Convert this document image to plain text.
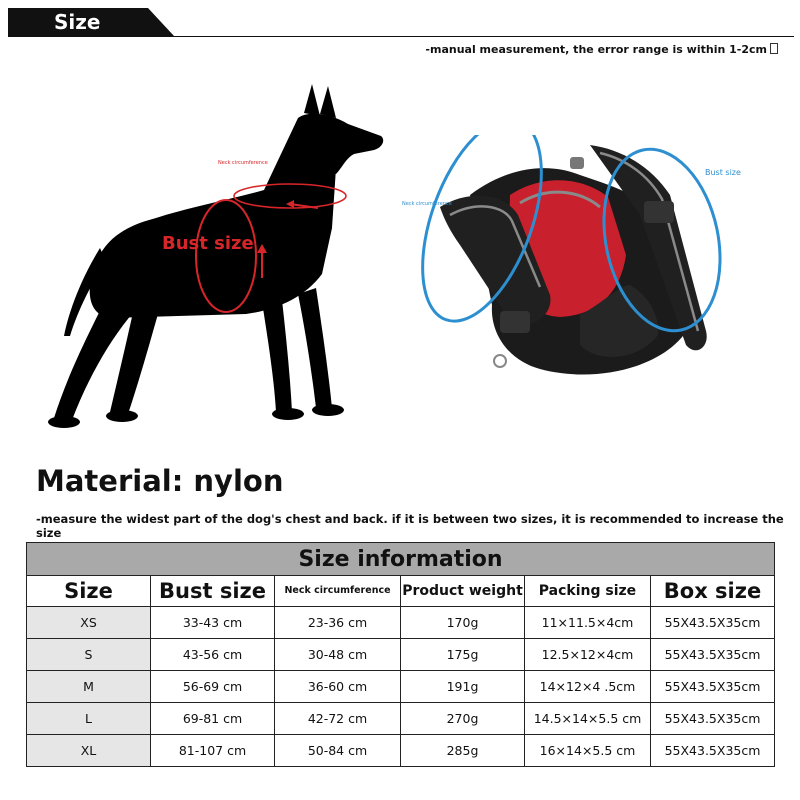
Size
-manual measurement, the error range is within 1-2cm
Neck circumference
Bust size
Neck circumference
Bust size
Material: nylon
-measure the widest part of the dog's chest and back. if it is between two sizes, it is recommended to increase the size
Size information					
Size	Bust size	Neck circumference	Product weight	Packing size	Box size
XS	33-43 cm	23-36 cm	170g	11×11.5×4cm	55X43.5X35cm
S	43-56 cm	30-48 cm	175g	12.5×12×4cm	55X43.5X35cm
M	56-69 cm	36-60 cm	191g	14×12×4 .5cm	55X43.5X35cm
L	69-81 cm	42-72 cm	270g	14.5×14×5.5 cm	55X43.5X35cm
XL	81-107 cm	50-84 cm	285g	16×14×5.5 cm	55X43.5X35cm
